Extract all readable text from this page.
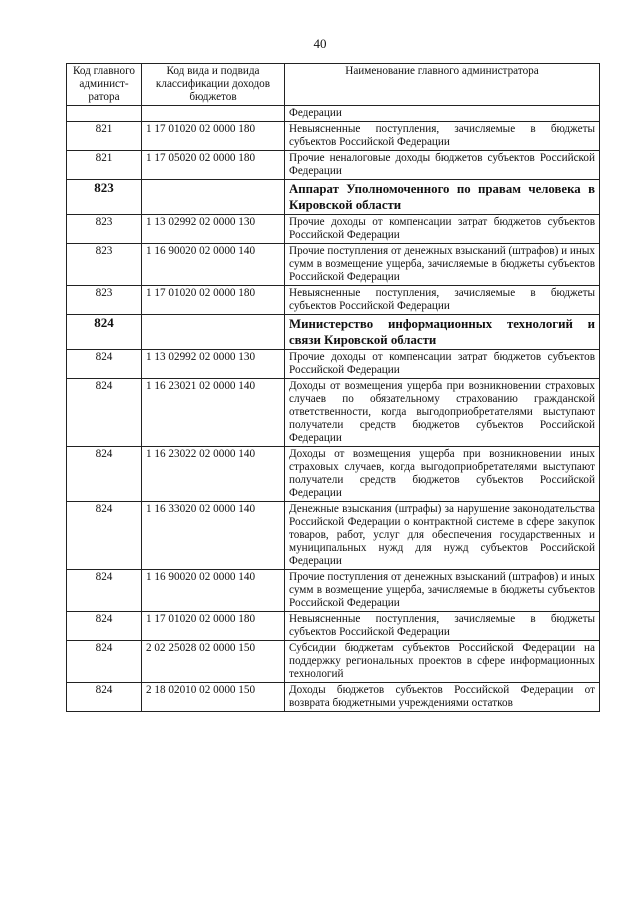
40
Код главного админист-ратора	Код вида и подвида классификации доходов бюджетов	Наименование главного администратора
		Федерации
821	1 17 01020 02 0000 180	Невыясненные поступления, зачисляемые в бюджеты субъектов Российской Федерации
821	1 17 05020 02 0000 180	Прочие неналоговые доходы бюджетов субъектов Российской Федерации
823		Аппарат Уполномоченного по правам человека в Кировской области
823	1 13 02992 02 0000 130	Прочие доходы от компенсации затрат бюджетов субъектов Российской Федерации
823	1 16 90020 02 0000 140	Прочие поступления от денежных взысканий (штрафов) и иных сумм в возмещение ущерба, зачисляемые в бюджеты субъектов Российской Федерации
823	1 17 01020 02 0000 180	Невыясненные поступления, зачисляемые в бюджеты субъектов Российской Федерации
824		Министерство информационных технологий и связи Кировской области
824	1 13 02992 02 0000 130	Прочие доходы от компенсации затрат бюджетов субъектов Российской Федерации
824	1 16 23021 02 0000 140	Доходы от возмещения ущерба при возникновении страховых случаев по обязательному страхованию гражданской ответственности, когда выгодоприобретателями выступают получатели средств бюджетов субъектов Российской Федерации
824	1 16 23022 02 0000 140	Доходы от возмещения ущерба при возникновении иных страховых случаев, когда выгодоприобретателями выступают получатели средств бюджетов субъектов Российской Федерации
824	1 16 33020 02 0000 140	Денежные взыскания (штрафы) за нарушение законодательства Российской Федерации о контрактной системе в сфере закупок товаров, работ, услуг для обеспечения государственных и муниципальных нужд для нужд субъектов Российской Федерации
824	1 16 90020 02 0000 140	Прочие поступления от денежных взысканий (штрафов) и иных сумм в возмещение ущерба, зачисляемые в бюджеты субъектов Российской Федерации
824	1 17 01020 02 0000 180	Невыясненные поступления, зачисляемые в бюджеты субъектов Российской Федерации
824	2 02 25028 02 0000 150	Субсидии бюджетам субъектов Российской Федерации на поддержку региональных проектов в сфере информационных технологий
824	2 18 02010 02 0000 150	Доходы бюджетов субъектов Российской Федерации от возврата бюджетными учреждениями остатков
